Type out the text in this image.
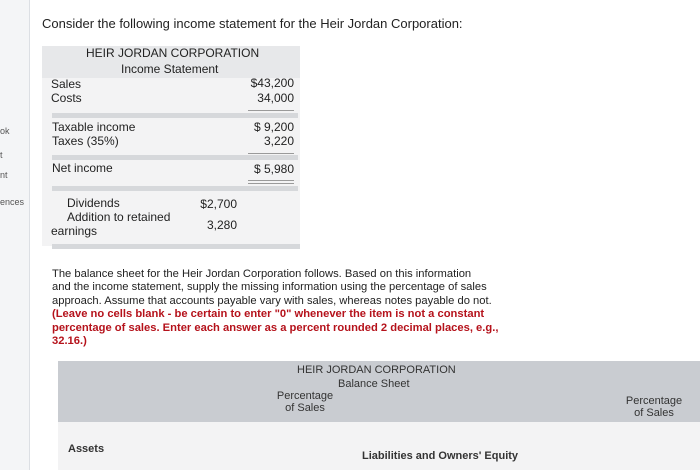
ok
t
nt
ences
Consider the following income statement for the Heir Jordan Corporation:
HEIR JORDAN CORPORATION
Income Statement
Sales	$43,200
Costs	34,000
Taxable income	$ 9,200
Taxes (35%)	3,220
Net income	$ 5,980
Dividends	$2,700
Addition to retained
earnings	3,280
The balance sheet for the Heir Jordan Corporation follows. Based on this information
and the income statement, supply the missing information using the percentage of sales
approach. Assume that accounts payable vary with sales, whereas notes payable do not.
(Leave no cells blank - be certain to enter "0" whenever the item is not a constant
percentage of sales. Enter each answer as a percent rounded 2 decimal places, e.g.,
32.16.)
HEIR JORDAN CORPORATION
Balance Sheet
Percentage
of Sales
Percentage
of Sales
Assets
Liabilities and Owners' Equity
